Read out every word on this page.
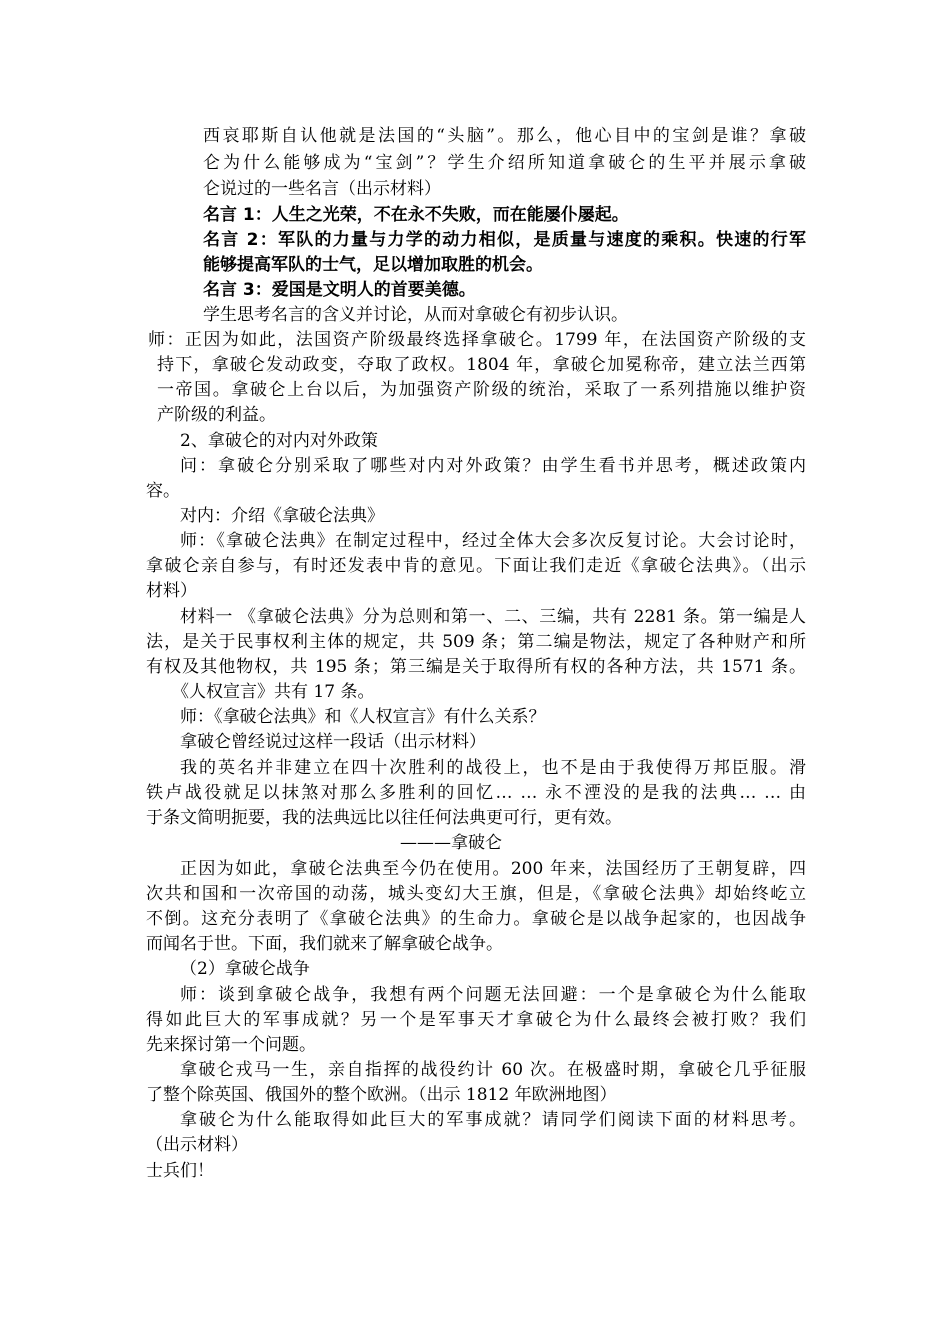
西哀耶斯自认他就是法国的“头脑”。那么，他心目中的宝剑是谁？拿破
仑为什么能够成为“宝剑”？学生介绍所知道拿破仑的生平并展示拿破
仑说过的一些名言（出示材料）
名言 1：人生之光荣，不在永不失败，而在能屡仆屡起。
名言 2：军队的力量与力学的动力相似，是质量与速度的乘积。快速的行军
能够提高军队的士气，足以增加取胜的机会。
名言 3：爱国是文明人的首要美德。
学生思考名言的含义并讨论，从而对拿破仑有初步认识。
师：正因为如此，法国资产阶级最终选择拿破仑。1799 年，在法国资产阶级的支
持下，拿破仑发动政变，夺取了政权。1804 年，拿破仑加冕称帝，建立法兰西第
一帝国。拿破仑上台以后，为加强资产阶级的统治，采取了一系列措施以维护资
产阶级的利益。
2、拿破仑的对内对外政策
问：拿破仑分别采取了哪些对内对外政策？由学生看书并思考，概述政策内
容。
对内：介绍《拿破仑法典》
师：《拿破仑法典》在制定过程中，经过全体大会多次反复讨论。大会讨论时，
拿破仑亲自参与，有时还发表中肯的意见。下面让我们走近《拿破仑法典》。（出示
材料）
材料一 《拿破仑法典》分为总则和第一、二、三编，共有 2281 条。第一编是人
法，是关于民事权利主体的规定，共 509 条；第二编是物法，规定了各种财产和所
有权及其他物权，共 195 条；第三编是关于取得所有权的各种方法，共 1571 条。
《人权宣言》共有 17 条。
师：《拿破仑法典》和《人权宣言》有什么关系？
拿破仑曾经说过这样一段话（出示材料）
我的英名并非建立在四十次胜利的战役上，也不是由于我使得万邦臣服。滑
铁卢战役就足以抹煞对那么多胜利的回忆… … 永不湮没的是我的法典… … 由
于条文简明扼要，我的法典远比以往任何法典更可行，更有效。
———拿破仑
正因为如此，拿破仑法典至今仍在使用。200 年来，法国经历了王朝复辟，四
次共和国和一次帝国的动荡，城头变幻大王旗，但是，《拿破仑法典》却始终屹立
不倒。这充分表明了《拿破仑法典》的生命力。拿破仑是以战争起家的，也因战争
而闻名于世。下面，我们就来了解拿破仑战争。
（2）拿破仑战争
师：谈到拿破仑战争，我想有两个问题无法回避：一个是拿破仑为什么能取
得如此巨大的军事成就？另一个是军事天才拿破仑为什么最终会被打败？我们
先来探讨第一个问题。
拿破仑戎马一生，亲自指挥的战役约计 60 次。在极盛时期，拿破仑几乎征服
了整个除英国、俄国外的整个欧洲。（出示 1812 年欧洲地图）
拿破仑为什么能取得如此巨大的军事成就？请同学们阅读下面的材料思考。
（出示材料）
士兵们！
